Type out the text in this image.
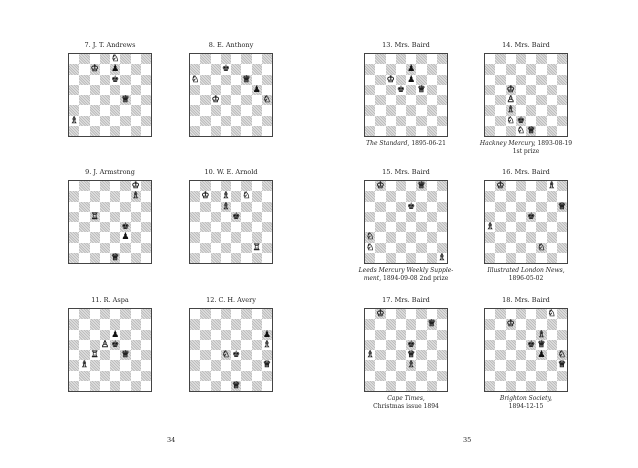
7. J. T. Andrews
♘
♔ ♟
♚
♕
♗
8. E. Anthony
♚
♘	♕
♟
♘
♔
9. J. Armstrong
♔
♗
♖
♚
♟
♕
10. W. E. Arnold
♔ ♗ ♘
♗
♚
♖
11. R. Aspa
♟
♙ ♚
♖	♕
♗
12. C. H. Avery
♟
♗
♘ ♚
♕
♕
34
13. Mrs. Baird
♟
♔ ♟
♚ ♕
The Standard, 1895-06-21
14. Mrs. Baird
♔
♙
♗
♘ ♚
♕
♘
Hackney Mercury, 1893-08-19
1st prize
15. Mrs. Baird
♔	♕
♚
♘
♘
♗
Leeds Mercury Weekly Supple-
ment, 1894-09-08 2nd prize
16. Mrs. Baird
♔	♗
♕
♚
♗
♘
Illustrated London News,
1896-05-02
17. Mrs. Baird
♔
♕
♚
♗	♕
♗
Cape Times,
Christmas issue 1894
18. Mrs. Baird
♘
♔
♗
♚ ♕
♟ ♘
♕
Brighton Society,
1894-12-15
35
